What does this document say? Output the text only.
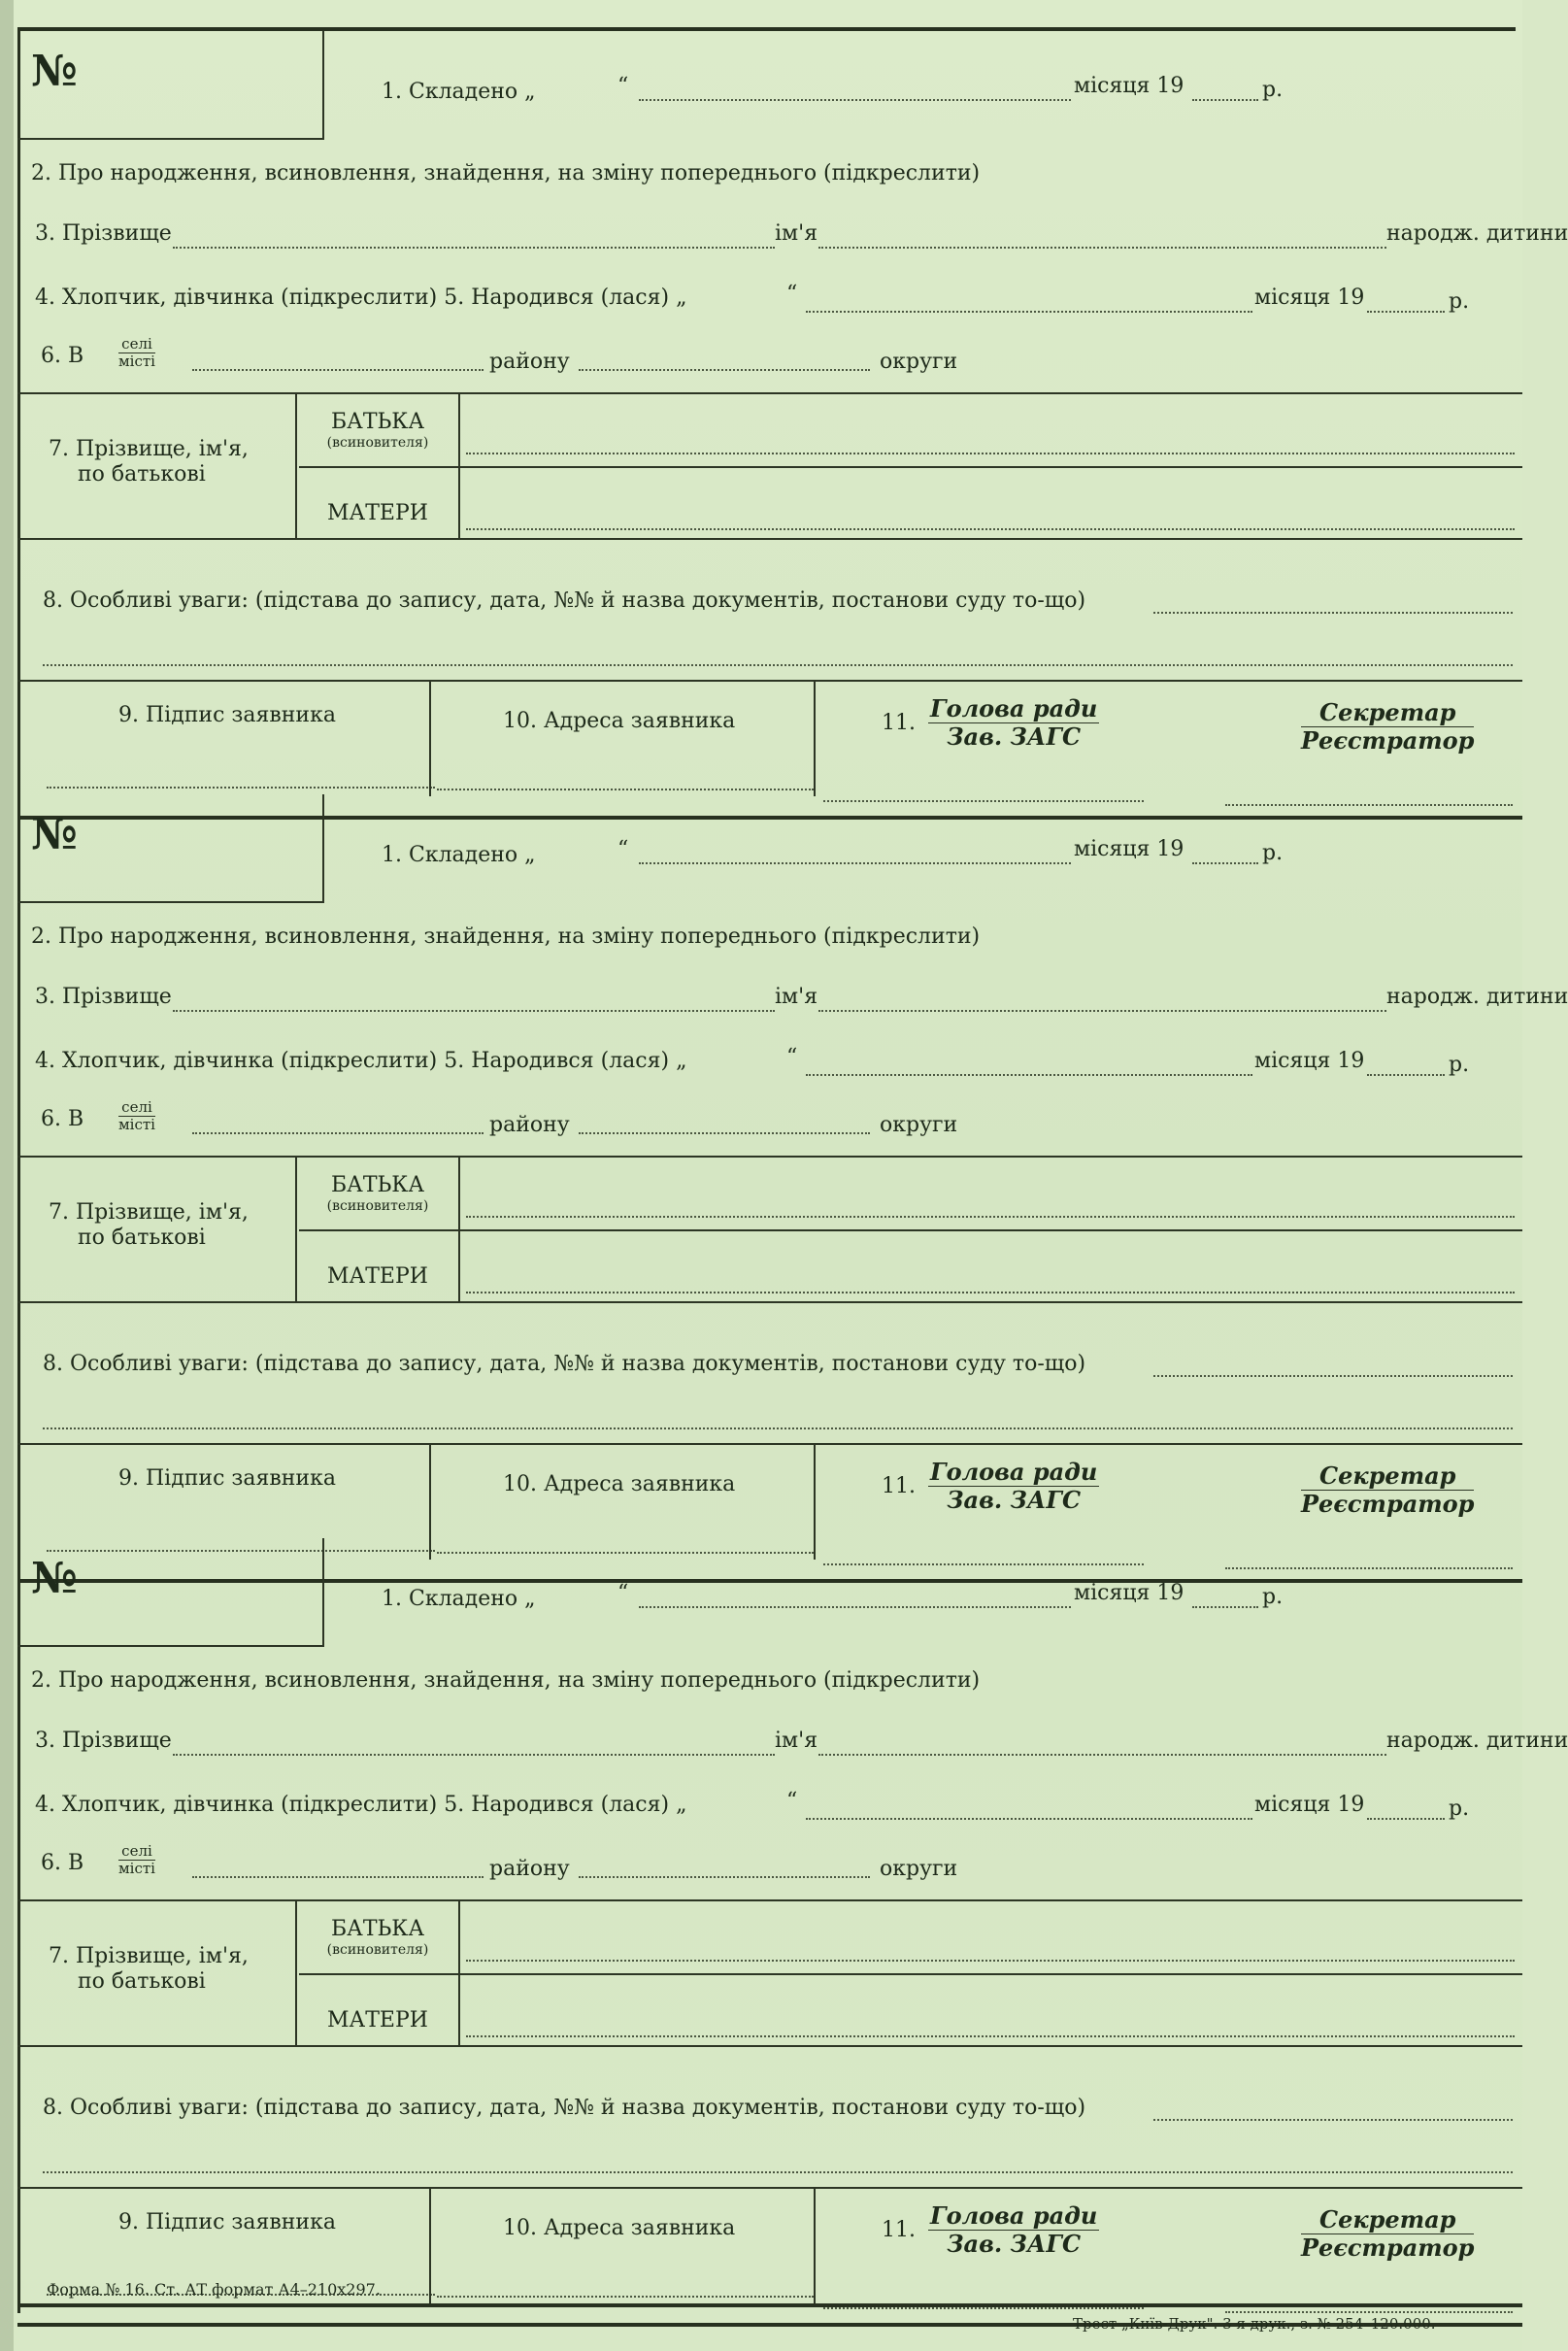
№	1. Складено „	“	місяця 19	р.
2. Про народження, всиновлення, знайдення, на зміну попереднього (підкреслити)
3. Прізвище	ім'я	народж. дитини
4. Хлопчик, дівчинка (підкреслити) 5. Народився (лася) „	“	місяця 19	р.
6. В	селі
місті	району	округи
7. Прізвище, ім'я,
по батькові
БАТЬКА
(всиновителя)
МАТЕРИ
8. Особливі уваги: (підстава до запису, дата, №№ й назва документів, постанови суду то-що)
9. Підпис заявника	10. Адреса заявника	11.
Голова ради
Зав. ЗАГС
Секретар
Реєстратор
№	1. Складено „	“	місяця 19	р.
2. Про народження, всиновлення, знайдення, на зміну попереднього (підкреслити)
3. Прізвище	ім'я	народж. дитини
4. Хлопчик, дівчинка (підкреслити) 5. Народився (лася) „	“	місяця 19	р.
6. В	селі
місті	району	округи
7. Прізвище, ім'я,
по батькові
БАТЬКА
(всиновителя)
МАТЕРИ
8. Особливі уваги: (підстава до запису, дата, №№ й назва документів, постанови суду то-що)
9. Підпис заявника	10. Адреса заявника	11.
Голова ради
Зав. ЗАГС
Секретар
Реєстратор
№	1. Складено „	“	місяця 19	р.
2. Про народження, всиновлення, знайдення, на зміну попереднього (підкреслити)
3. Прізвище	ім'я	народж. дитини
4. Хлопчик, дівчинка (підкреслити) 5. Народився (лася) „	“	місяця 19	р.
6. В	селі
місті	району	округи
7. Прізвище, ім'я,
по батькові
БАТЬКА
(всиновителя)
МАТЕРИ
8. Особливі уваги: (підстава до запису, дата, №№ й назва документів, постанови суду то-що)
9. Підпис заявника	10. Адреса заявника	11.
Голова ради
Зав. ЗАГС
Секретар
Реєстратор
Форма № 16. Ст. АТ формат А4–210х297.
Трест „Київ-Друк". 3 я друк., з. № 254–120.000.
